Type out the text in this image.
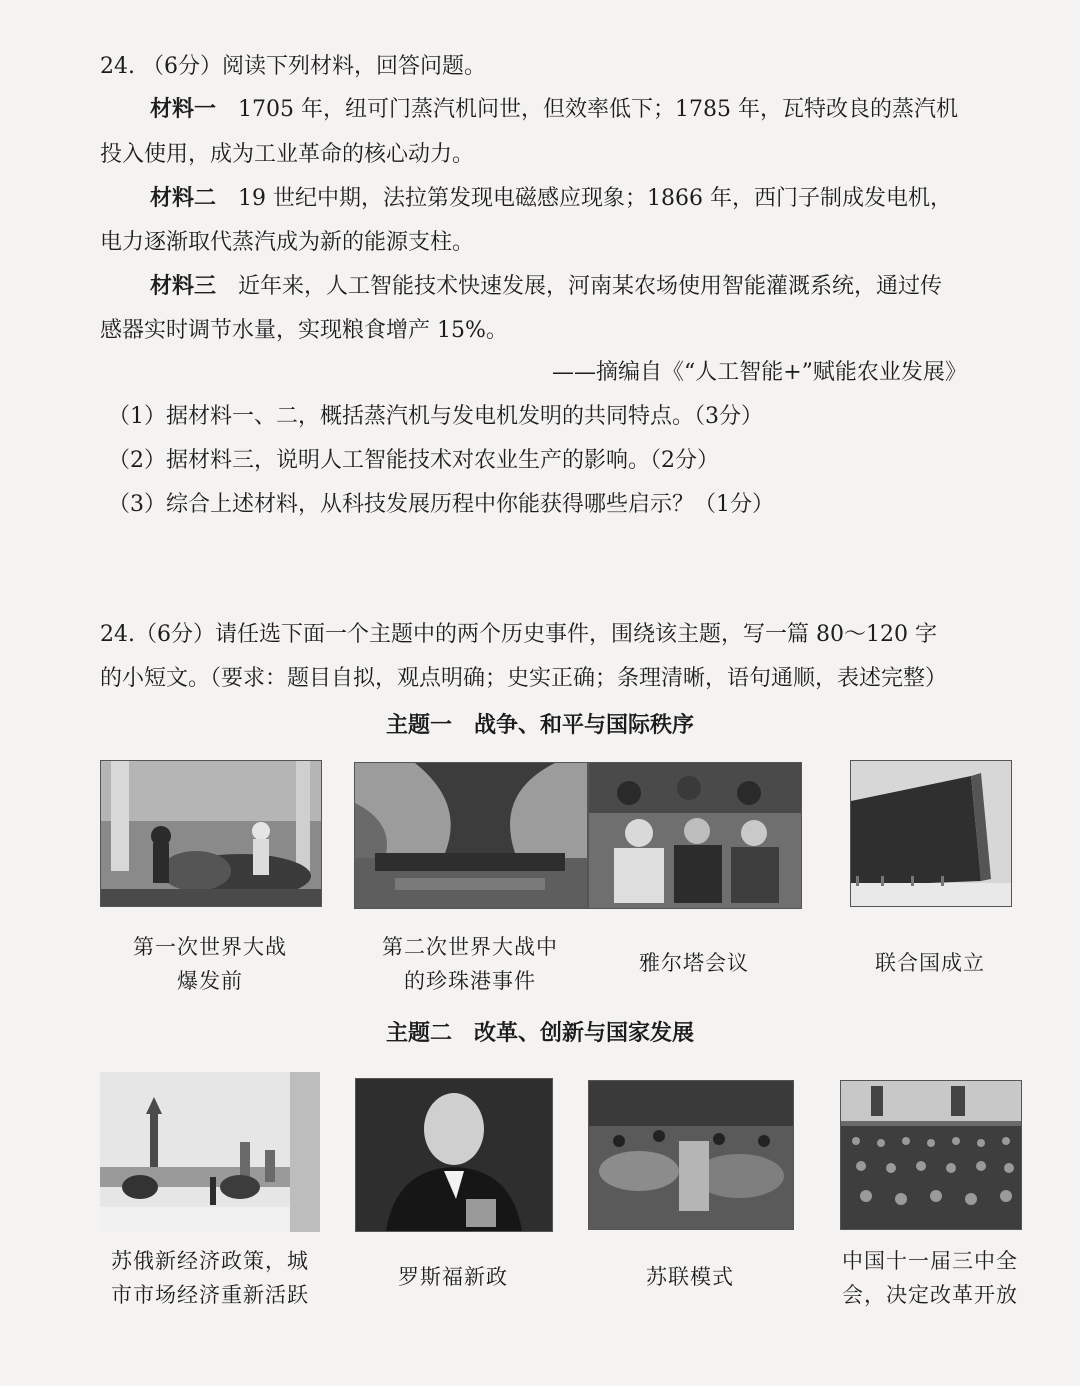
24. （6分）阅读下列材料，回答问题。
材料一 1705 年，纽可门蒸汽机问世，但效率低下；1785 年，瓦特改良的蒸汽机
投入使用，成为工业革命的核心动力。
材料二 19 世纪中期，法拉第发现电磁感应现象；1866 年，西门子制成发电机，
电力逐渐取代蒸汽成为新的能源支柱。
材料三 近年来，人工智能技术快速发展，河南某农场使用智能灌溉系统，通过传
感器实时调节水量，实现粮食增产 15%。
——摘编自《“人工智能+”赋能农业发展》
（1）据材料一、二，概括蒸汽机与发电机发明的共同特点。（3分）
（2）据材料三，说明人工智能技术对农业生产的影响。（2分）
（3）综合上述材料，从科技发展历程中你能获得哪些启示？（1分）
24.（6分）请任选下面一个主题中的两个历史事件，围绕该主题，写一篇 80～120 字
的小短文。（要求：题目自拟，观点明确；史实正确；条理清晰，语句通顺，表述完整）
主题一　战争、和平与国际秩序
第一次世界大战
爆发前
第二次世界大战中
的珍珠港事件
雅尔塔会议	联合国成立
主题二　改革、创新与国家发展
苏俄新经济政策，城
市市场经济重新活跃
罗斯福新政	苏联模式
中国十一届三中全
会，决定改革开放
